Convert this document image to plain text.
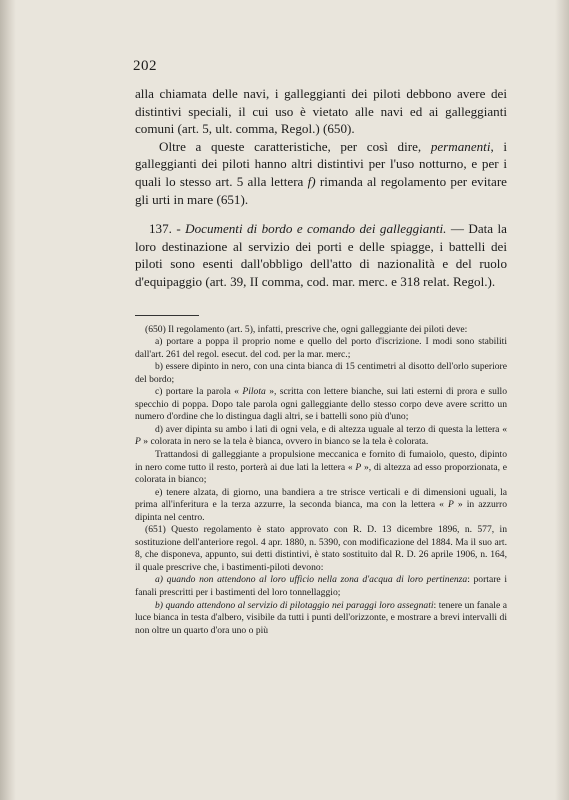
202

alla chiamata delle navi, i galleggianti dei piloti debbono avere dei distintivi speciali, il cui uso è vietato alle navi ed ai galleggianti comuni (art. 5, ult. comma, Regol.) (650).

Oltre a queste caratteristiche, per così dire, permanenti, i galleggianti dei piloti hanno altri distintivi per l'uso notturno, e per i quali lo stesso art. 5 alla lettera f) rimanda al regolamento per evitare gli urti in mare (651).

137. - Documenti di bordo e comando dei galleggianti. — Data la loro destinazione al servizio dei porti e delle spiagge, i battelli dei piloti sono esenti dall'obbligo dell'atto di nazionalità e del ruolo d'equipaggio (art. 39, II comma, cod. mar. merc. e 318 relat. Regol.).

(650) Il regolamento (art. 5), infatti, prescrive che, ogni galleggiante dei piloti deve:

a) portare a poppa il proprio nome e quello del porto d'iscrizione. I modi sono stabiliti dall'art. 261 del regol. esecut. del cod. per la mar. merc.;

b) essere dipinto in nero, con una cinta bianca di 15 centimetri al disotto dell'orlo superiore del bordo;

c) portare la parola « Pilota », scritta con lettere bianche, sui lati esterni di prora e sullo specchio di poppa. Dopo tale parola ogni galleggiante dello stesso corpo deve avere scritto un numero d'ordine che lo distingua dagli altri, se i battelli sono più d'uno;

d) aver dipinta su ambo i lati di ogni vela, e di altezza uguale al terzo di questa la lettera « P » colorata in nero se la tela è bianca, ovvero in bianco se la tela è colorata.

Trattandosi di galleggiante a propulsione meccanica e fornito di fumaiolo, questo, dipinto in nero come tutto il resto, porterà ai due lati la lettera « P », di altezza ad esso proporzionata, e colorata in bianco;

e) tenere alzata, di giorno, una bandiera a tre strisce verticali e di dimensioni uguali, la prima all'inferitura e la terza azzurre, la seconda bianca, ma con la lettera « P » in azzurro dipinta nel centro.

(651) Questo regolamento è stato approvato con R. D. 13 dicembre 1896, n. 577, in sostituzione dell'anteriore regol. 4 apr. 1880, n. 5390, con modificazione del 1884. Ma il suo art. 8, che disponeva, appunto, sui detti distintivi, è stato sostituito dal R. D. 26 aprile 1906, n. 164, il quale prescrive che, i bastimenti-piloti devono:

a) quando non attendono al loro ufficio nella zona d'acqua di loro pertinenza: portare i fanali prescritti per i bastimenti del loro tonnellaggio;

b) quando attendono al servizio di pilotaggio nei paraggi loro assegnati: tenere un fanale a luce bianca in testa d'albero, visibile da tutti i punti dell'orizzonte, e mostrare a brevi intervalli di non oltre un quarto d'ora uno o più
